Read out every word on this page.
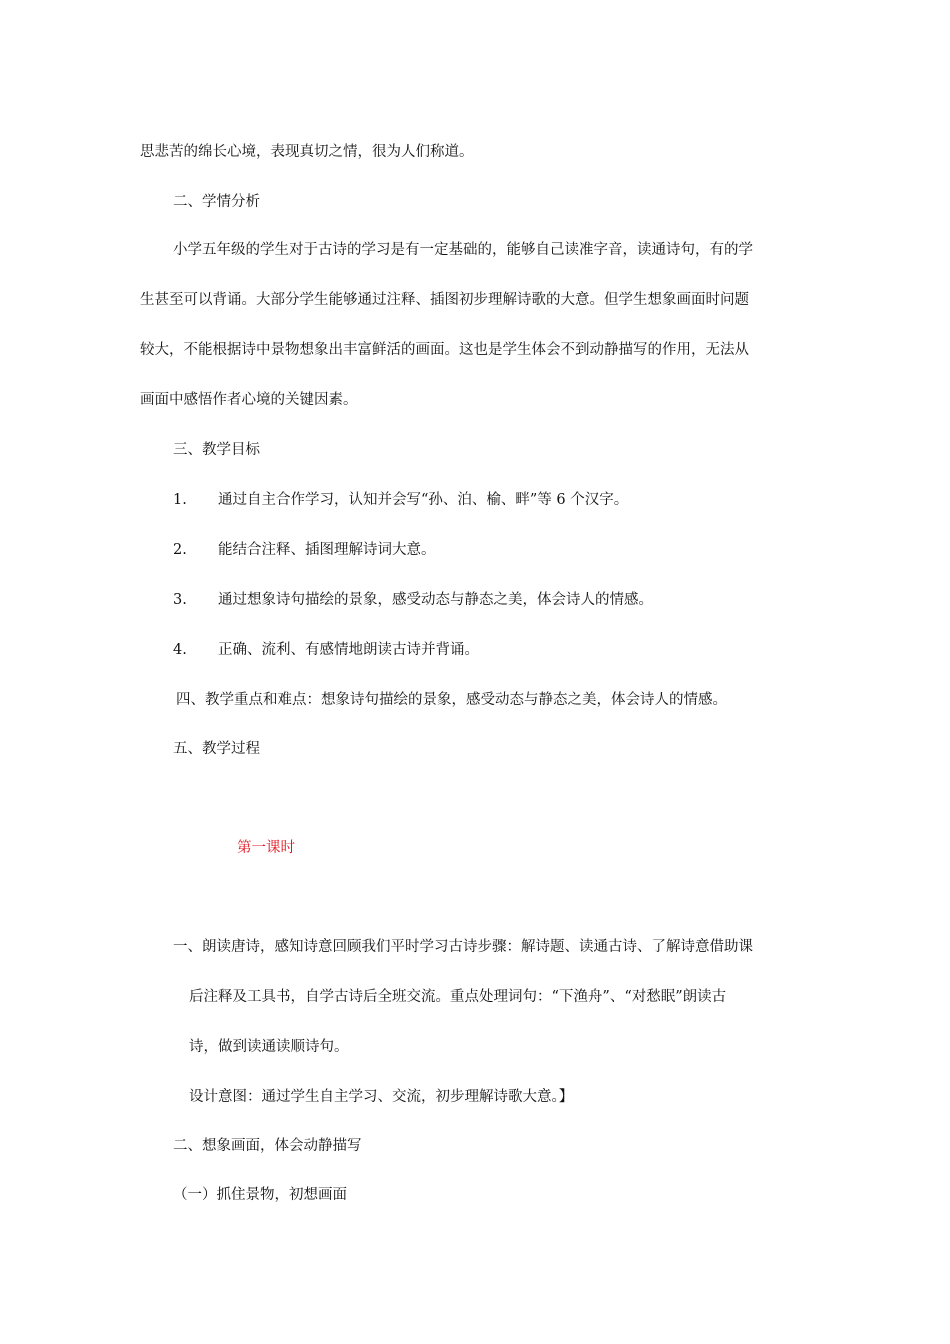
思悲苦的绵长心境，表现真切之情，很为人们称道。

二、学情分析

小学五年级的学生对于古诗的学习是有一定基础的，能够自己读准字音，读通诗句，有的学

生甚至可以背诵。大部分学生能够通过注释、插图初步理解诗歌的大意。但学生想象画面时问题

较大，不能根据诗中景物想象出丰富鲜活的画面。这也是学生体会不到动静描写的作用，无法从

画面中感悟作者心境的关键因素。

三、教学目标

1. 通过自主合作学习，认知并会写“孙、泊、榆、畔”等 6 个汉字。

2. 能结合注释、插图理解诗词大意。

3. 通过想象诗句描绘的景象，感受动态与静态之美，体会诗人的情感。

4. 正确、流利、有感情地朗读古诗并背诵。

四、教学重点和难点：想象诗句描绘的景象，感受动态与静态之美，体会诗人的情感。

五、教学过程

第一课时

一、朗读唐诗，感知诗意回顾我们平时学习古诗步骤：解诗题、读通古诗、了解诗意借助课

后注释及工具书，自学古诗后全班交流。重点处理词句：“下渔舟”、“对愁眠”朗读古

诗，做到读通读顺诗句。

设计意图：通过学生自主学习、交流，初步理解诗歌大意。】

二、想象画面，体会动静描写

（一）抓住景物，初想画面
